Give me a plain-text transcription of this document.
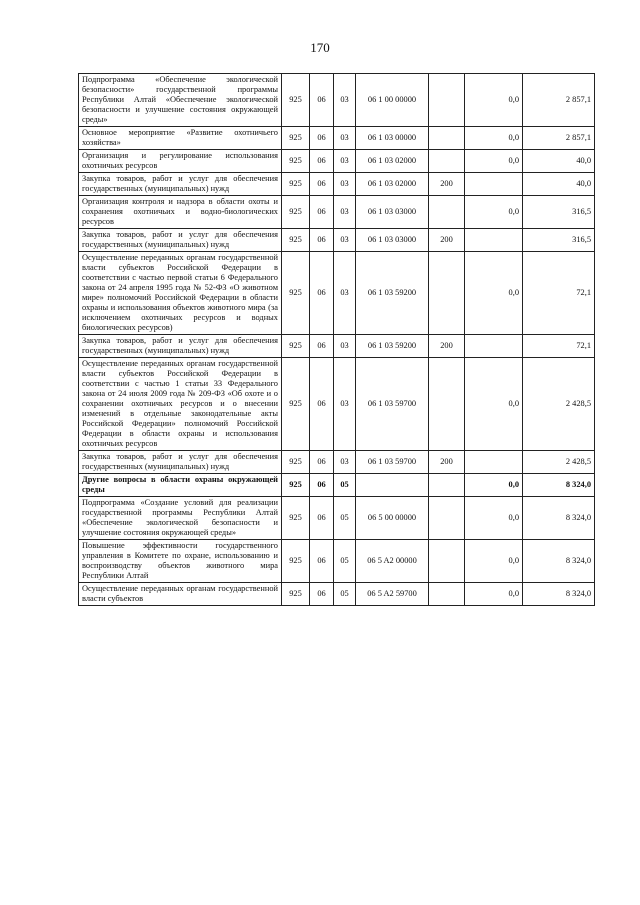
170
Подпрограмма «Обеспечение экологической безопасности» государственной программы Республики Алтай «Обеспечение экологической безопасности и улучшение состояния окружающей среды»	925	06	03	06 1 00 00000		0,0	2 857,1
Основное мероприятие «Развитие охотничьего хозяйства»	925	06	03	06 1 03 00000		0,0	2 857,1
Организация и регулирование использования охотничьих ресурсов	925	06	03	06 1 03 02000		0,0	40,0
Закупка товаров, работ и услуг для обеспечения государственных (муниципальных) нужд	925	06	03	06 1 03 02000	200		40,0
Организация контроля и надзора в области охоты и сохранения охотничьих и водно-биологических ресурсов	925	06	03	06 1 03 03000		0,0	316,5
Закупка товаров, работ и услуг для обеспечения государственных (муниципальных) нужд	925	06	03	06 1 03 03000	200		316,5
Осуществление переданных органам государственной власти субъектов Российской Федерации в соответствии с частью первой статьи 6 Федерального закона от 24 апреля 1995 года № 52-ФЗ «О животном мире» полномочий Российской Федерации в области охраны и использования объектов животного мира (за исключением охотничьих ресурсов и водных биологических ресурсов)	925	06	03	06 1 03 59200		0,0	72,1
Закупка товаров, работ и услуг для обеспечения государственных (муниципальных) нужд	925	06	03	06 1 03 59200	200		72,1
Осуществление переданных органам государственной власти субъектов Российской Федерации в соответствии с частью 1 статьи 33 Федерального закона от 24 июля 2009 года № 209-ФЗ «Об охоте и о сохранении охотничьих ресурсов и о внесении изменений в отдельные законодательные акты Российской Федерации» полномочий Российской Федерации в области охраны и использования охотничьих ресурсов	925	06	03	06 1 03 59700		0,0	2 428,5
Закупка товаров, работ и услуг для обеспечения государственных (муниципальных) нужд	925	06	03	06 1 03 59700	200		2 428,5
Другие вопросы в области охраны окружающей среды	925	06	05			0,0	8 324,0
Подпрограмма «Создание условий для реализации государственной программы Республики Алтай «Обеспечение экологической безопасности и улучшение состояния окружающей среды»	925	06	05	06 5 00 00000		0,0	8 324,0
Повышение эффективности государственного управления в Комитете по охране, использованию и воспроизводству объектов животного мира Республики Алтай	925	06	05	06 5 A2 00000		0,0	8 324,0
Осуществление переданных органам государственной власти субъектов	925	06	05	06 5 A2 59700		0,0	8 324,0
